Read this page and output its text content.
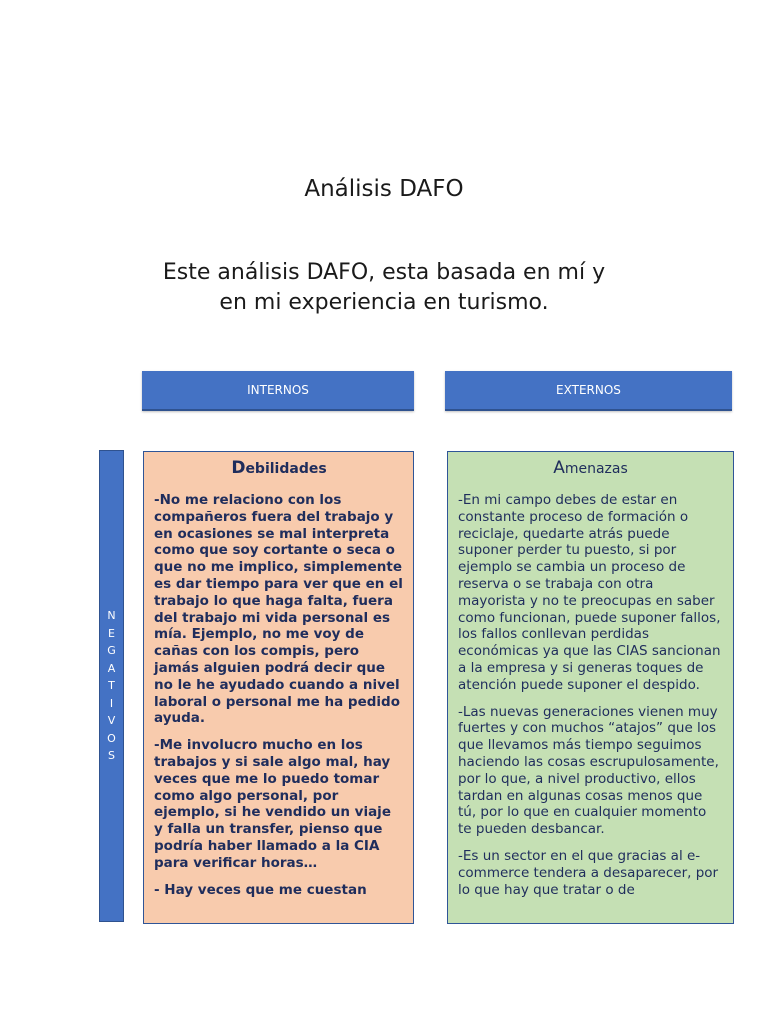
Análisis DAFO
Este análisis DAFO, esta basada en mí y
en mi experiencia en turismo.
INTERNOS	EXTERNOS
N
E
G
A
T
I
V
O
S
Debilidades

-No me relaciono con los compañeros fuera del trabajo y en ocasiones se mal interpreta como que soy cortante o seca o que no me implico, simplemente es dar tiempo para ver que en el trabajo lo que haga falta, fuera del trabajo mi vida personal es mía. Ejemplo, no me voy de cañas con los compis, pero jamás alguien podrá decir que no le he ayudado cuando a nivel laboral o personal me ha pedido ayuda.

-Me involucro mucho en los trabajos y si sale algo mal, hay veces que me lo puedo tomar como algo personal, por ejemplo, si he vendido un viaje y falla un transfer, pienso que podría haber llamado a la CIA para verificar horas…

- Hay veces que me cuestan

Amenazas

-En mi campo debes de estar en constante proceso de formación o reciclaje, quedarte atrás puede suponer perder tu puesto, si por ejemplo se cambia un proceso de reserva o se trabaja con otra mayorista y no te preocupas en saber como funcionan, puede suponer fallos, los fallos conllevan perdidas económicas ya que las CIAS sancionan a la empresa y si generas toques de atención puede suponer el despido.

-Las nuevas generaciones vienen muy fuertes y con muchos “atajos” que los que llevamos más tiempo seguimos haciendo las cosas escrupulosamente, por lo que, a nivel productivo, ellos tardan en algunas cosas menos que tú, por lo que en cualquier momento te pueden desbancar.

-Es un sector en el que gracias al e-commerce tendera a desaparecer, por lo que hay que tratar o de
